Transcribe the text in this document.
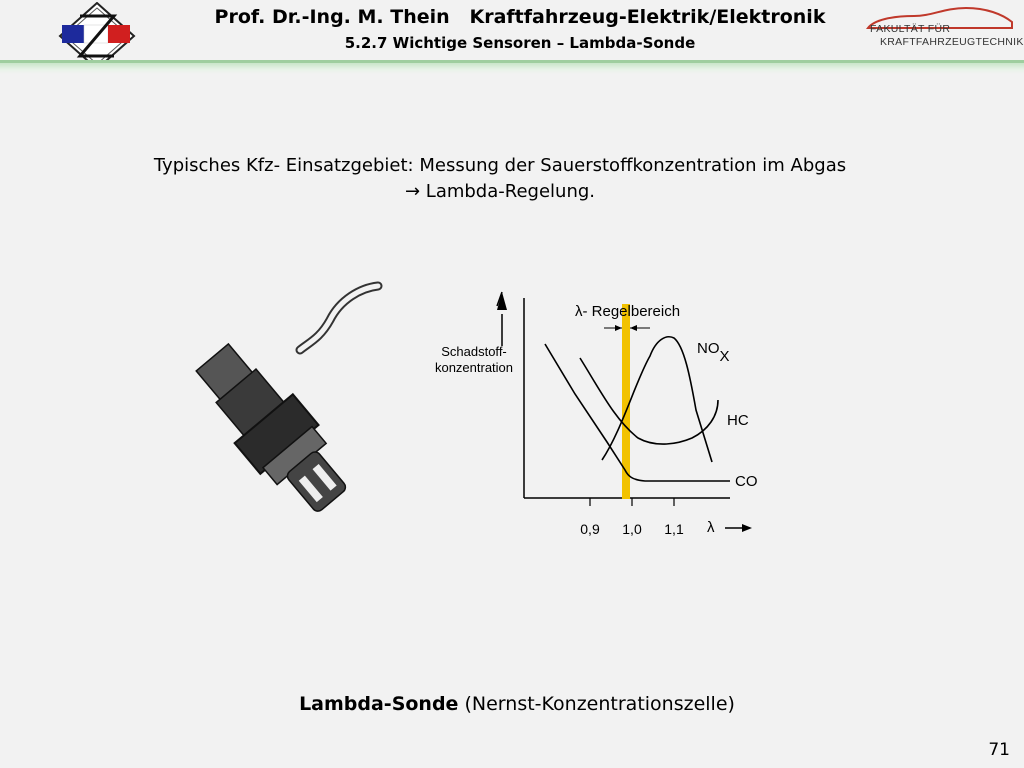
Prof. Dr.-Ing. M. Thein   Kraftfahrzeug-Elektrik/Elektronik
5.2.7 Wichtige Sensoren – Lambda-Sonde
FAKULTÄT FÜR
KRAFTFAHRZEUGTECHNIK
Typisches Kfz- Einsatzgebiet: Messung der Sauerstoffkonzentration im Abgas
→ Lambda-Regelung.
Schadstoff-
konzentration
λ- Regelbereich
NOX
HC
CO
0,9 1,0 1,1 λ
Lambda-Sonde (Nernst-Konzentrationszelle)
71
